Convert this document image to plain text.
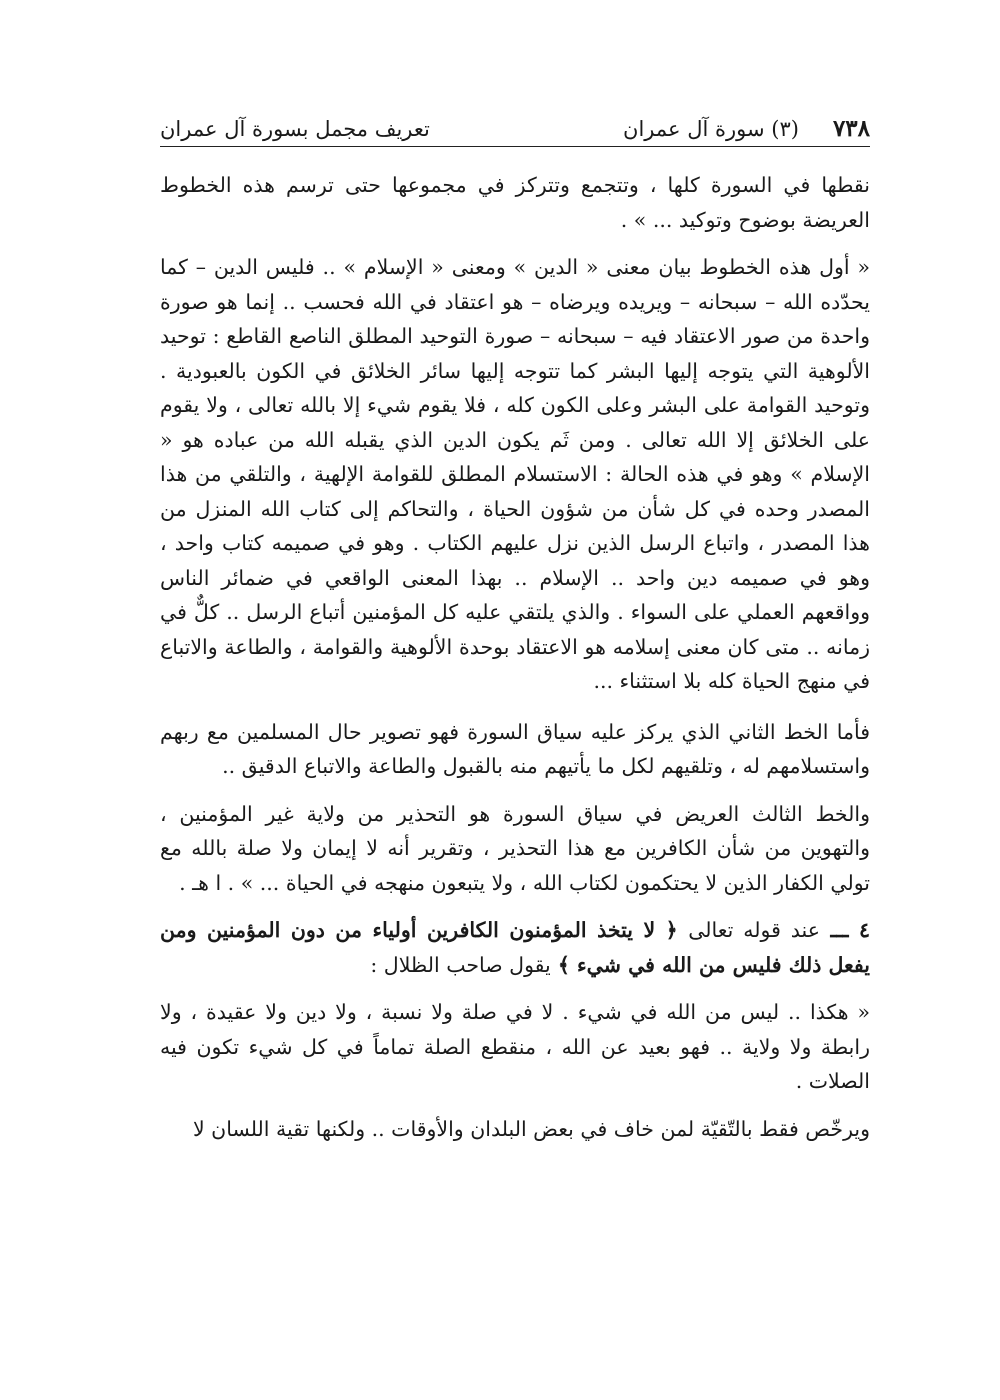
٧٣٨
(٣) سورة آل عمران
تعريف مجمل بسورة آل عمران

نقطها في السورة كلها ، وتتجمع وتتركز في مجموعها حتى ترسم هذه الخطوط العريضة بوضوح وتوكيد ... » .

« أول هذه الخطوط بيان معنى « الدين » ومعنى « الإسلام » .. فليس الدين – كما يحدّده الله – سبحانه – ويريده ويرضاه – هو اعتقاد في الله فحسب .. إنما هو صورة واحدة من صور الاعتقاد فيه – سبحانه – صورة التوحيد المطلق الناصع القاطع : توحيد الألوهية التي يتوجه إليها البشر كما تتوجه إليها سائر الخلائق في الكون بالعبودية . وتوحيد القوامة على البشر وعلى الكون كله ، فلا يقوم شيء إلا بالله تعالى ، ولا يقوم على الخلائق إلا الله تعالى . ومن ثَم يكون الدين الذي يقبله الله من عباده هو « الإسلام » وهو في هذه الحالة : الاستسلام المطلق للقوامة الإلهية ، والتلقي من هذا المصدر وحده في كل شأن من شؤون الحياة ، والتحاكم إلى كتاب الله المنزل من هذا المصدر ، واتباع الرسل الذين نزل عليهم الكتاب . وهو في صميمه كتاب واحد ، وهو في صميمه دين واحد .. الإسلام .. بهذا المعنى الواقعي في ضمائر الناس وواقعهم العملي على السواء . والذي يلتقي عليه كل المؤمنين أتباع الرسل .. كلٌّ في زمانه .. متى كان معنى إسلامه هو الاعتقاد بوحدة الألوهية والقوامة ، والطاعة والاتباع في منهج الحياة كله بلا استثناء ...

فأما الخط الثاني الذي يركز عليه سياق السورة فهو تصوير حال المسلمين مع ربهم واستسلامهم له ، وتلقيهم لكل ما يأتيهم منه بالقبول والطاعة والاتباع الدقيق ..

والخط الثالث العريض في سياق السورة هو التحذير من ولاية غير المؤمنين ، والتهوين من شأن الكافرين مع هذا التحذير ، وتقرير أنه لا إيمان ولا صلة بالله مع تولي الكفار الذين لا يحتكمون لكتاب الله ، ولا يتبعون منهجه في الحياة ... » . ا هـ .

٤ ـــ عند قوله تعالى ﴿ لا يتخذ المؤمنون الكافرين أولياء من دون المؤمنين ومن يفعل ذلك فليس من الله في شيء ﴾ يقول صاحب الظلال :

« هكذا .. ليس من الله في شيء . لا في صلة ولا نسبة ، ولا دين ولا عقيدة ، ولا رابطة ولا ولاية .. فهو بعيد عن الله ، منقطع الصلة تماماً في كل شيء تكون فيه الصلات .

ويرخّص فقط بالتّقيّة لمن خاف في بعض البلدان والأوقات .. ولكنها تقية اللسان لا
